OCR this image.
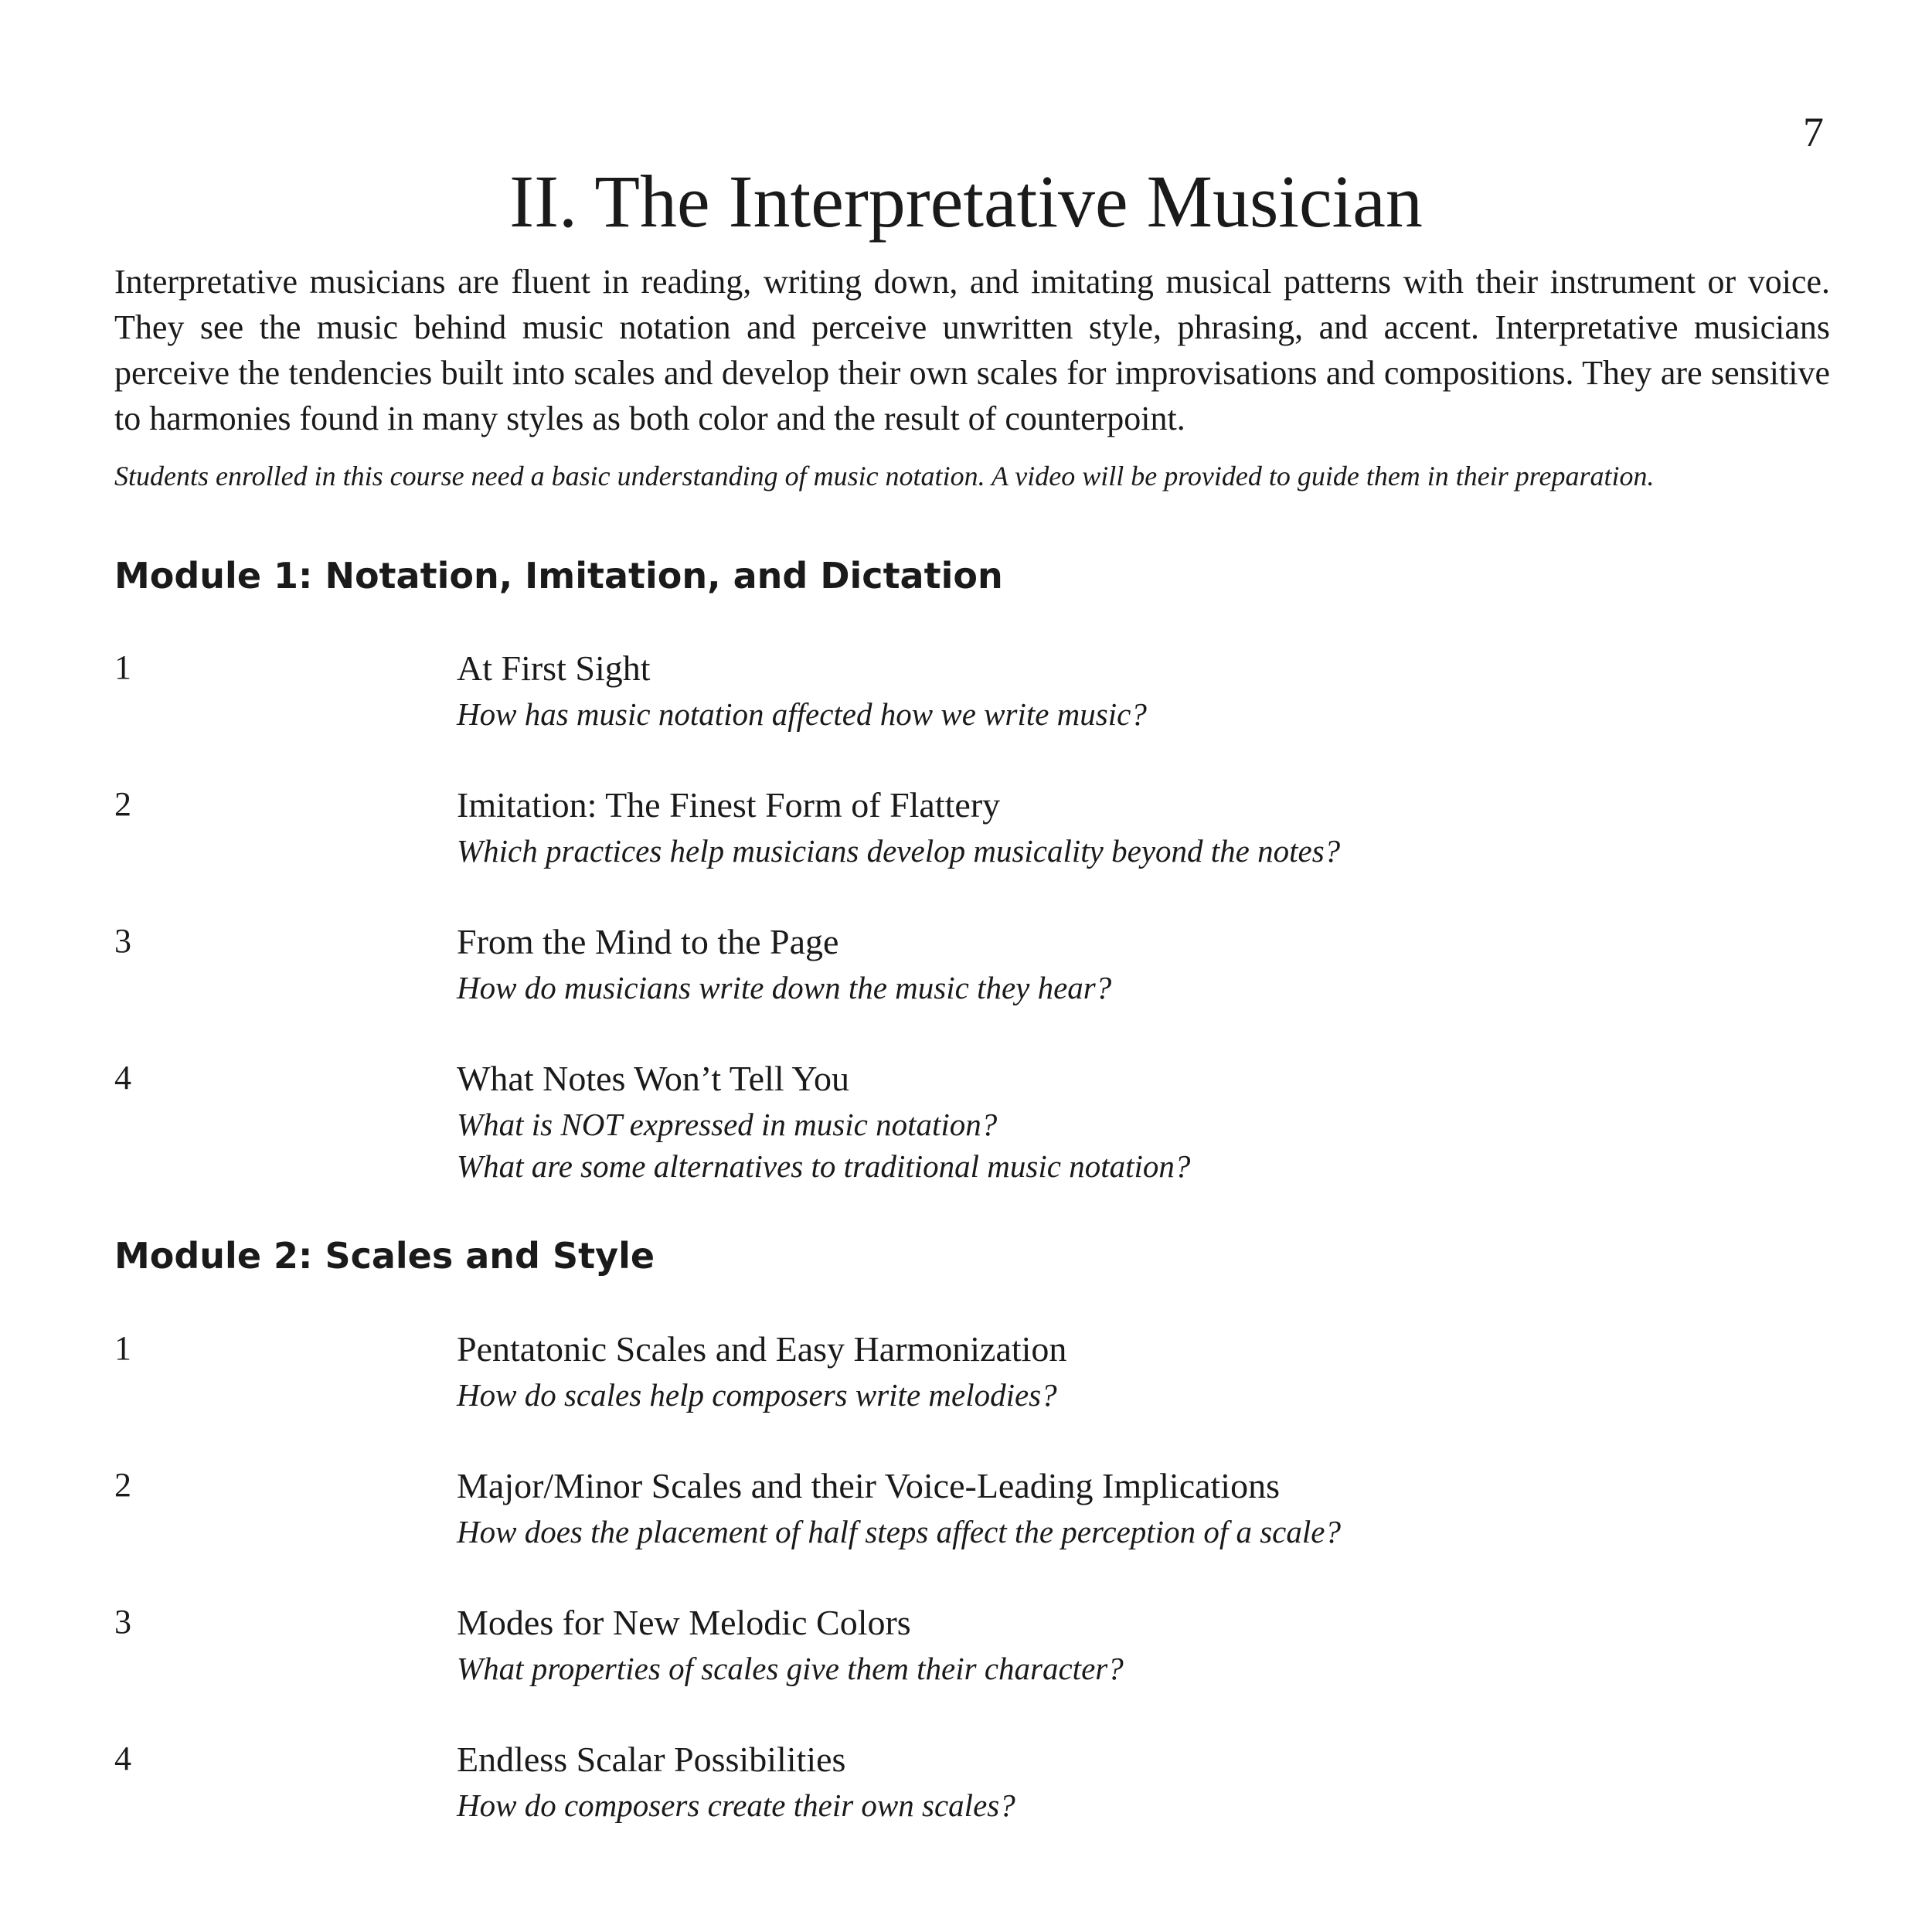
7
II. The Interpretative Musician

Interpretative musicians are fluent in reading, writing down, and imitating musical patterns with their instrument or voice. They see the music behind music notation and perceive unwritten style, phrasing, and accent. Interpretative musicians perceive the tendencies built into scales and develop their own scales for improvisations and compositions. They are sensitive to harmonies found in many styles as both color and the result of counterpoint.

Students enrolled in this course need a basic understanding of music notation. A video will be provided to guide them in their preparation.

Module 1: Notation, Imitation, and Dictation
1	At First Sight
How has music notation affected how we write music?
2	Imitation: The Finest Form of Flattery
Which practices help musicians develop musicality beyond the notes?
3	From the Mind to the Page
How do musicians write down the music they hear?
4	What Notes Won’t Tell You
What is NOT expressed in music notation?
What are some alternatives to traditional music notation?
Module 2: Scales and Style
1	Pentatonic Scales and Easy Harmonization
How do scales help composers write melodies?
2	Major/Minor Scales and their Voice-Leading Implications
How does the placement of half steps affect the perception of a scale?
3	Modes for New Melodic Colors
What properties of scales give them their character?
4	Endless Scalar Possibilities
How do composers create their own scales?
